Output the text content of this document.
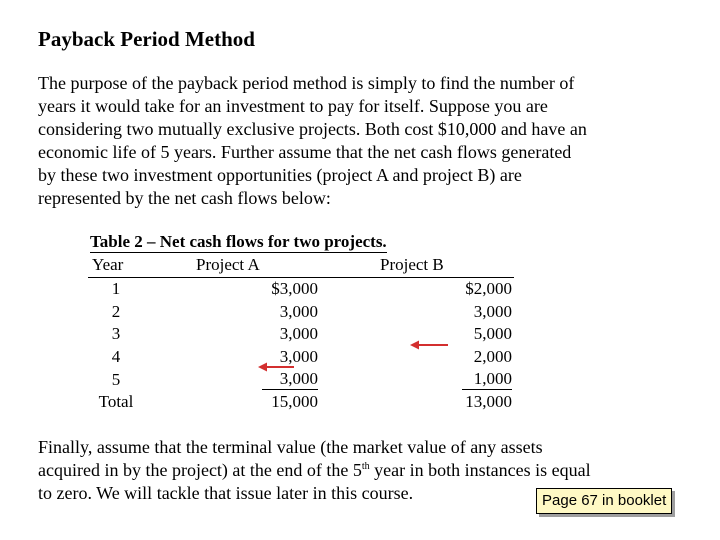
Payback Period Method
The purpose of the payback period method is simply to find the number of
years it would take for an investment to pay for itself. Suppose you are
considering two mutually exclusive projects. Both cost $10,000 and have an
economic life of 5 years. Further assume that the net cash flows generated
by these two investment opportunities (project A and project B) are
represented by the net cash flows below:
Table 2 – Net cash flows for two projects.
Year	Project A	Project B
1	$3,000	$2,000
2	3,000	3,000
3	3,000	5,000
4	3,000	2,000
5	3,000	1,000
Total	15,000	13,000
Finally, assume that the terminal value (the market value of any assets
acquired in by the project) at the end of the 5th year in both instances is equal
to zero. We will tackle that issue later in this course.	Page 67 in booklet
